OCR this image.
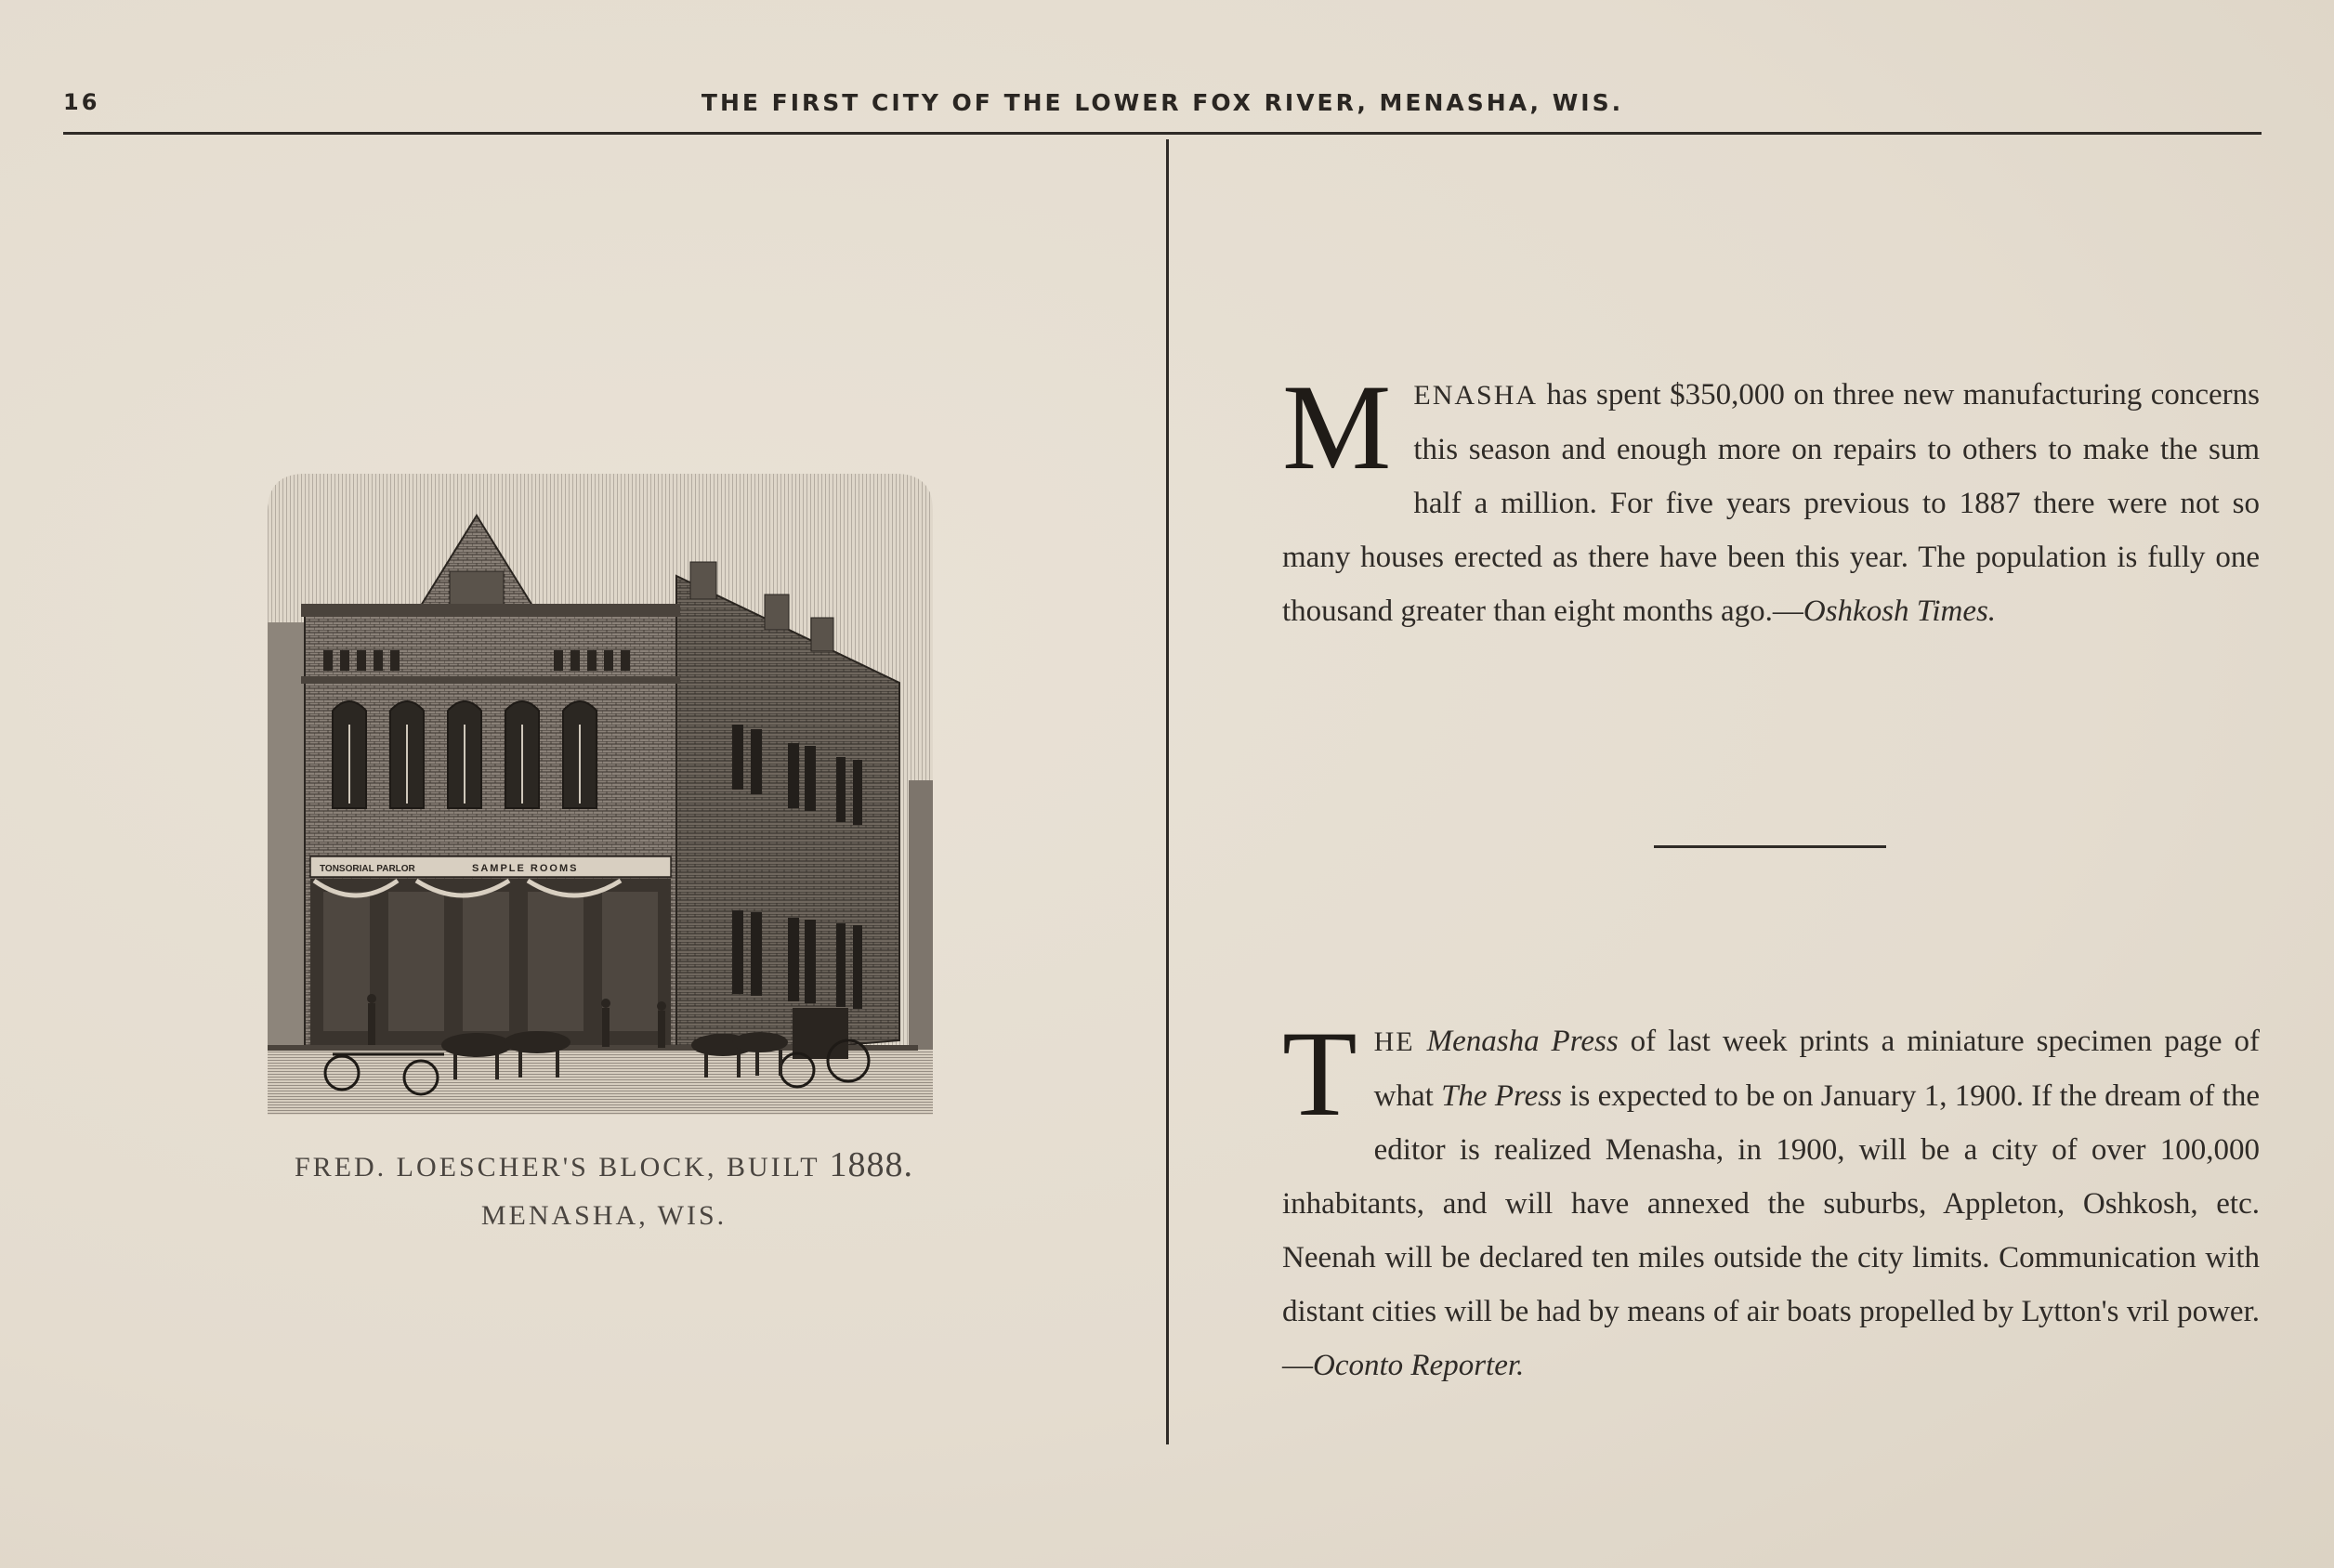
16	THE FIRST CITY OF THE LOWER FOX RIVER, MENASHA, WIS.
TONSORIAL PARLOR	SAMPLE ROOMS
FRED. LOESCHER'S BLOCK, BUILT 1888.
MENASHA, WIS.
MENASHA has spent $350,000 on three new manufacturing concerns this season and enough more on repairs to others to make the sum half a million. For five years previous to 1887 there were not so many houses erected as there have been this year. The population is fully one thousand greater than eight months ago.—Oshkosh Times.
THE Menasha Press of last week prints a miniature specimen page of what The Press is expected to be on January 1, 1900. If the dream of the editor is realized Menasha, in 1900, will be a city of over 100,000 inhabitants, and will have annexed the suburbs, Appleton, Oshkosh, etc. Neenah will be declared ten miles outside the city limits. Communication with distant cities will be had by means of air boats propelled by Lytton's vril power.—Oconto Reporter.
